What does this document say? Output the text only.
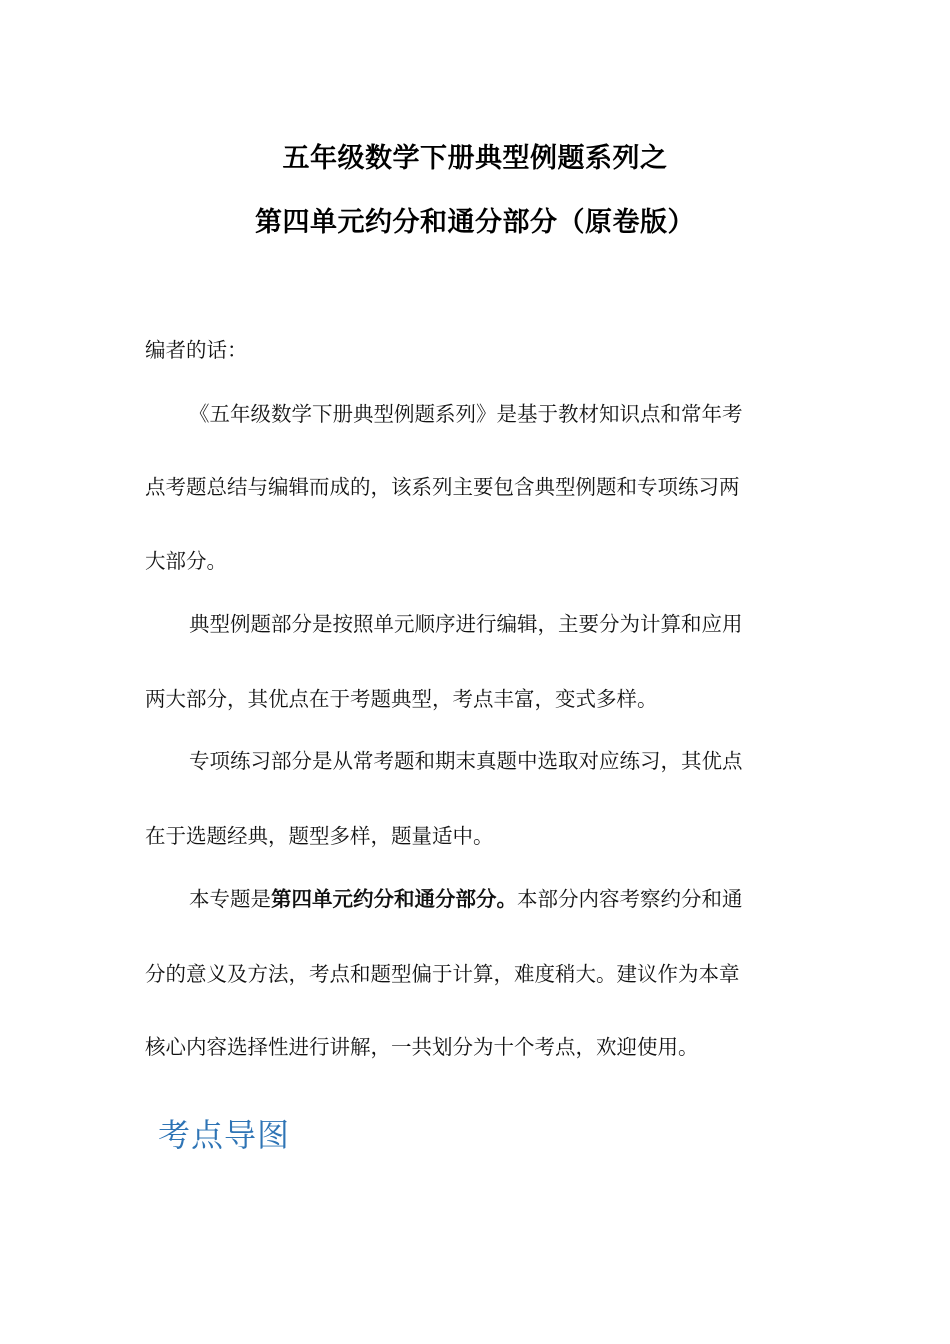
五年级数学下册典型例题系列之
第四单元约分和通分部分（原卷版）
编者的话：
《五年级数学下册典型例题系列》是基于教材知识点和常年考
点考题总结与编辑而成的，该系列主要包含典型例题和专项练习两
大部分。
典型例题部分是按照单元顺序进行编辑，主要分为计算和应用
两大部分，其优点在于考题典型，考点丰富，变式多样。
专项练习部分是从常考题和期末真题中选取对应练习，其优点
在于选题经典，题型多样，题量适中。
本专题是第四单元约分和通分部分。本部分内容考察约分和通
分的意义及方法，考点和题型偏于计算，难度稍大。建议作为本章
核心内容选择性进行讲解，一共划分为十个考点，欢迎使用。
考点导图
